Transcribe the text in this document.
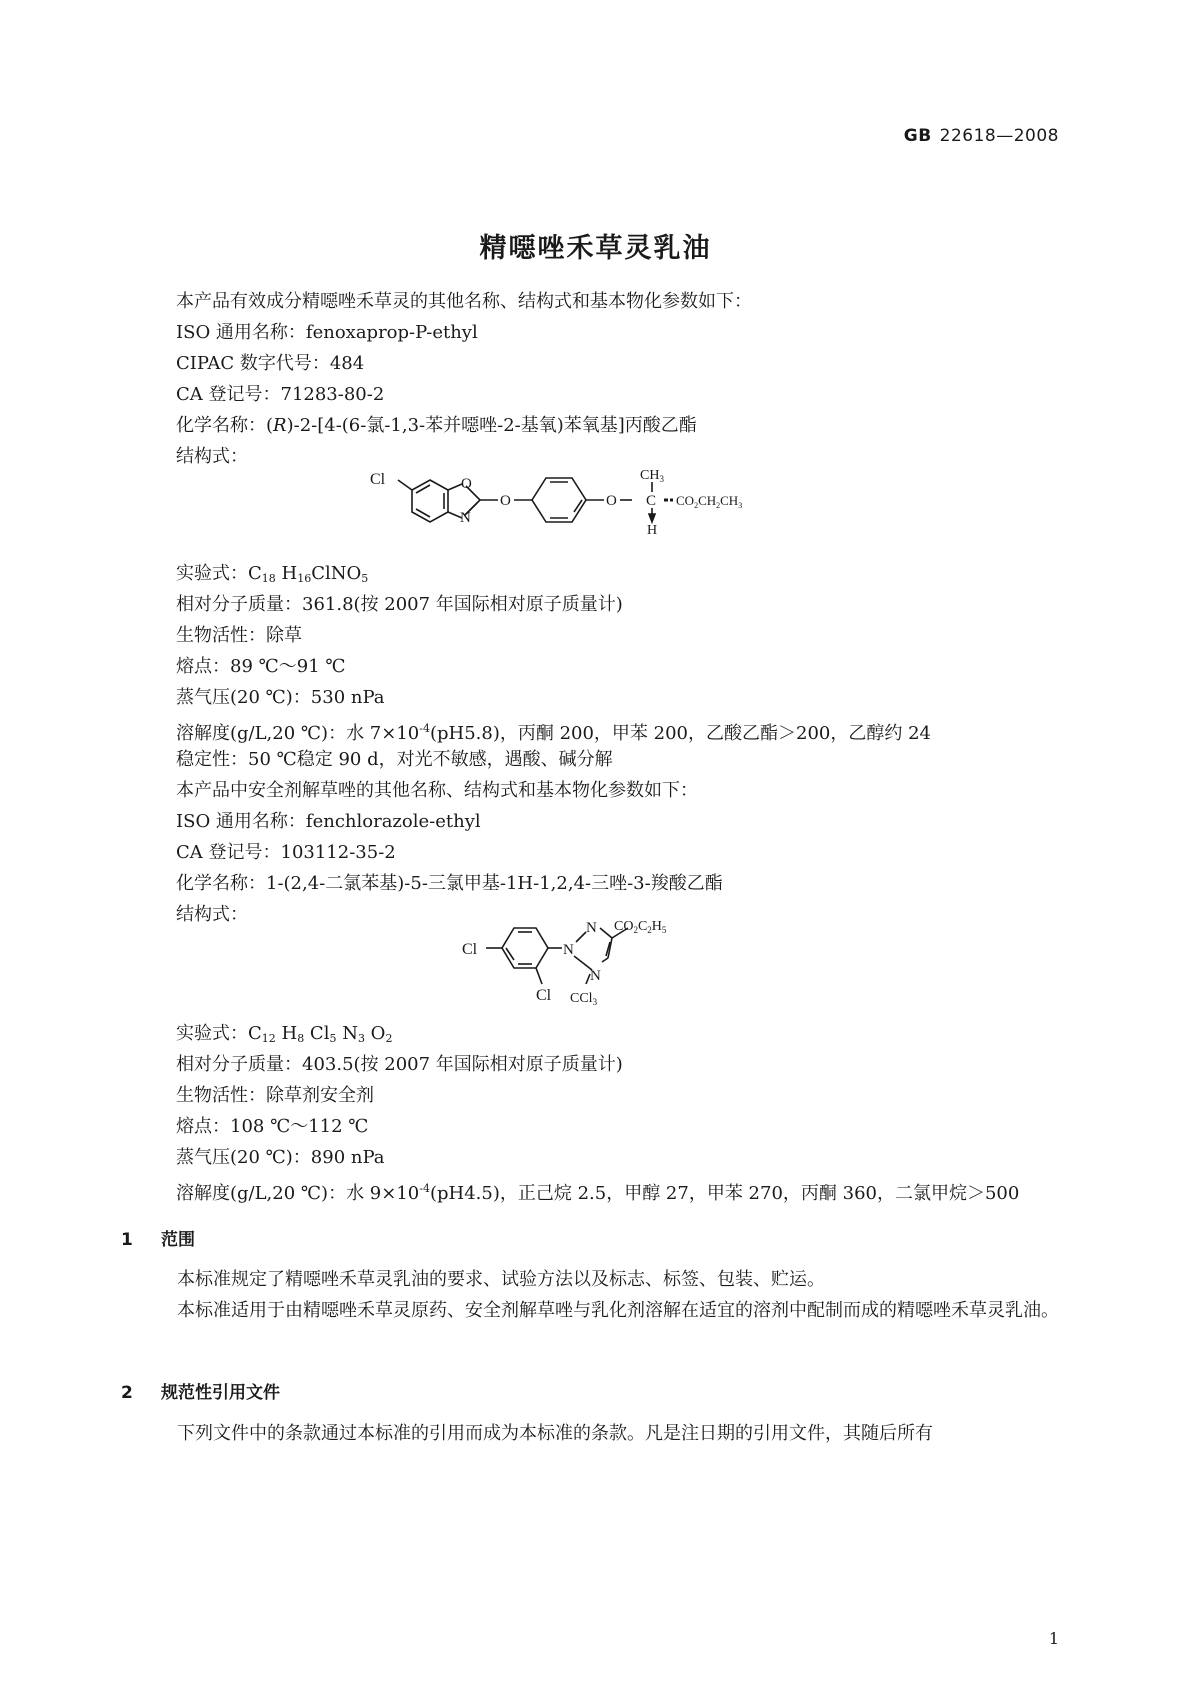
GB 22618—2008
精噁唑禾草灵乳油
本产品有效成分精噁唑禾草灵的其他名称、结构式和基本物化参数如下：
ISO 通用名称：fenoxaprop-P-ethyl
CIPAC 数字代号：484
CA 登记号：71283-80-2
化学名称：(R)-2-[4-(6-氯-1,3-苯并噁唑-2-基氧)苯氧基]丙酸乙酯
结构式：
Cl	O
N
O	O C
$CH_3$
H
$CO_2CH_2CH_3$
实验式：$C_{18}$ $H_{16}ClNO_5$
相对分子质量：361.8(按 2007 年国际相对原子质量计)
生物活性：除草
熔点：89 ℃～91 ℃
蒸气压(20 ℃)：530 nPa
溶解度(g/L,20 ℃)：水 $7\times 10^{-4}(pH5.8)$，丙酮 200，甲苯 200，乙酸乙酯＞200，乙醇约 24
稳定性：50 ℃稳定 90 d，对光不敏感，遇酸、碱分解
本产品中安全剂解草唑的其他名称、结构式和基本物化参数如下：
ISO 通用名称：fenchlorazole-ethyl
CA 登记号：103112-35-2
化学名称：1-(2,4-二氯苯基)-5-三氯甲基-1H-1,2,4-三唑-3-羧酸乙酯
结构式：
Cl
Cl
N
N
N
$CO_2C_2H_5$
CCl$_3$
实验式：$C_{12}$ $H_8$ $Cl_5$ $N_3$ $O_2$
相对分子质量：403.5(按 2007 年国际相对原子质量计)
生物活性：除草剂安全剂
熔点：108 ℃～112 ℃
蒸气压(20 ℃)：890 nPa
溶解度(g/L,20 ℃)：水 $9\times 10^{-4}(pH4.5)$，正己烷 2.5，甲醇 27，甲苯 270，丙酮 360，二氯甲烷＞500
1 范围
本标准规定了精噁唑禾草灵乳油的要求、试验方法以及标志、标签、包装、贮运。
本标准适用于由精噁唑禾草灵原药、安全剂解草唑与乳化剂溶解在适宜的溶剂中配制而成的精噁唑禾草灵乳油。
2 规范性引用文件
下列文件中的条款通过本标准的引用而成为本标准的条款。凡是注日期的引用文件，其随后所有
1
